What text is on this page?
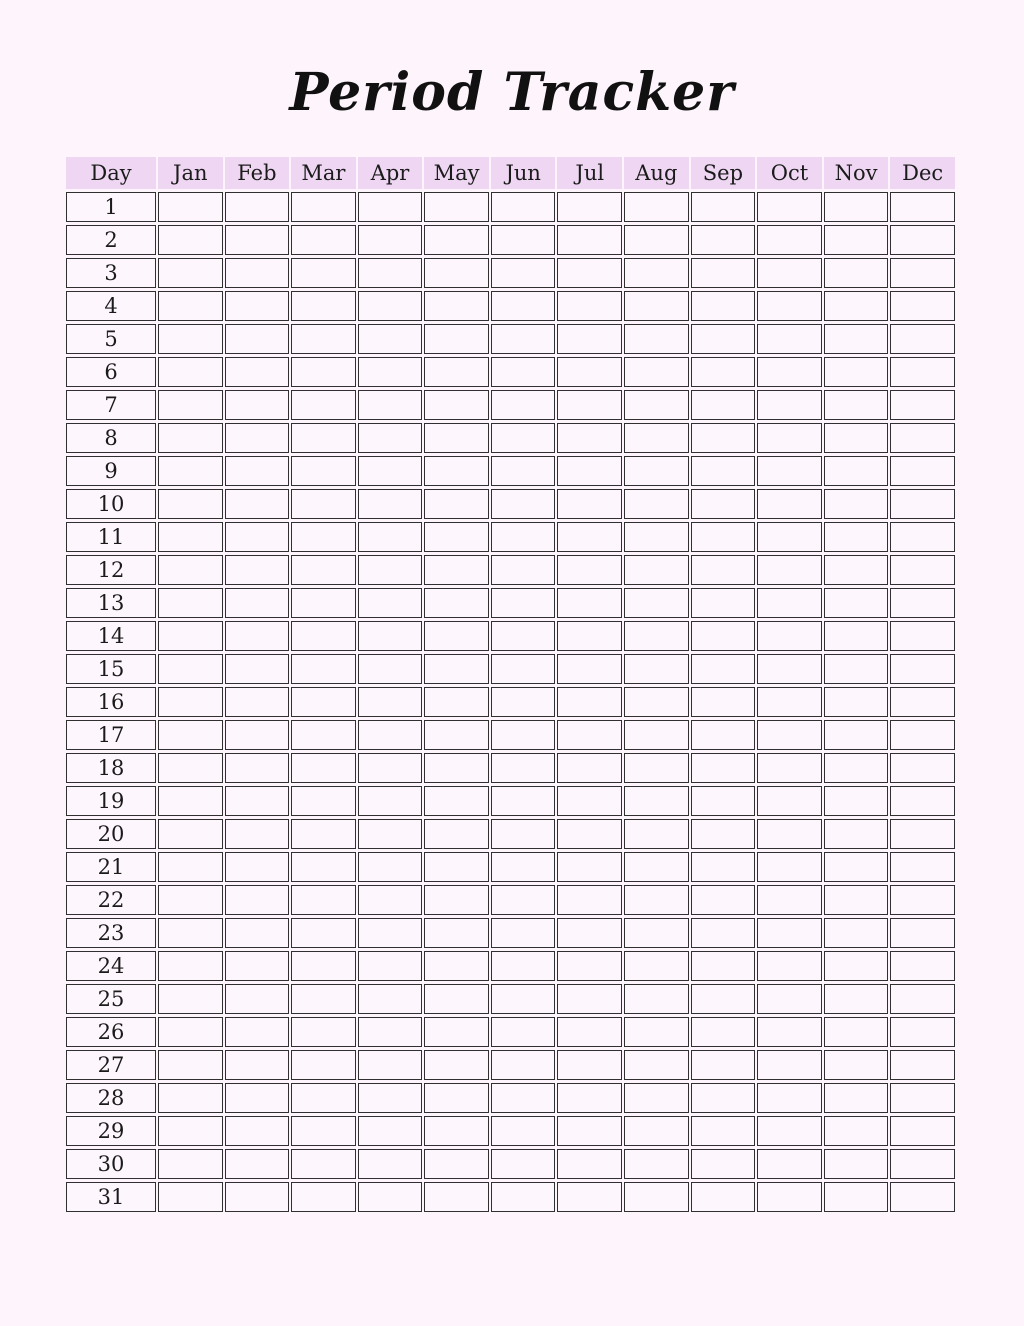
Period Tracker
Day	Jan	Feb	Mar	Apr	May	Jun	Jul	Aug	Sep	Oct	Nov	Dec
1												
2												
3												
4												
5												
6												
7												
8												
9												
10												
11												
12												
13												
14												
15												
16												
17												
18												
19												
20												
21												
22												
23												
24												
25												
26												
27												
28												
29												
30												
31												
